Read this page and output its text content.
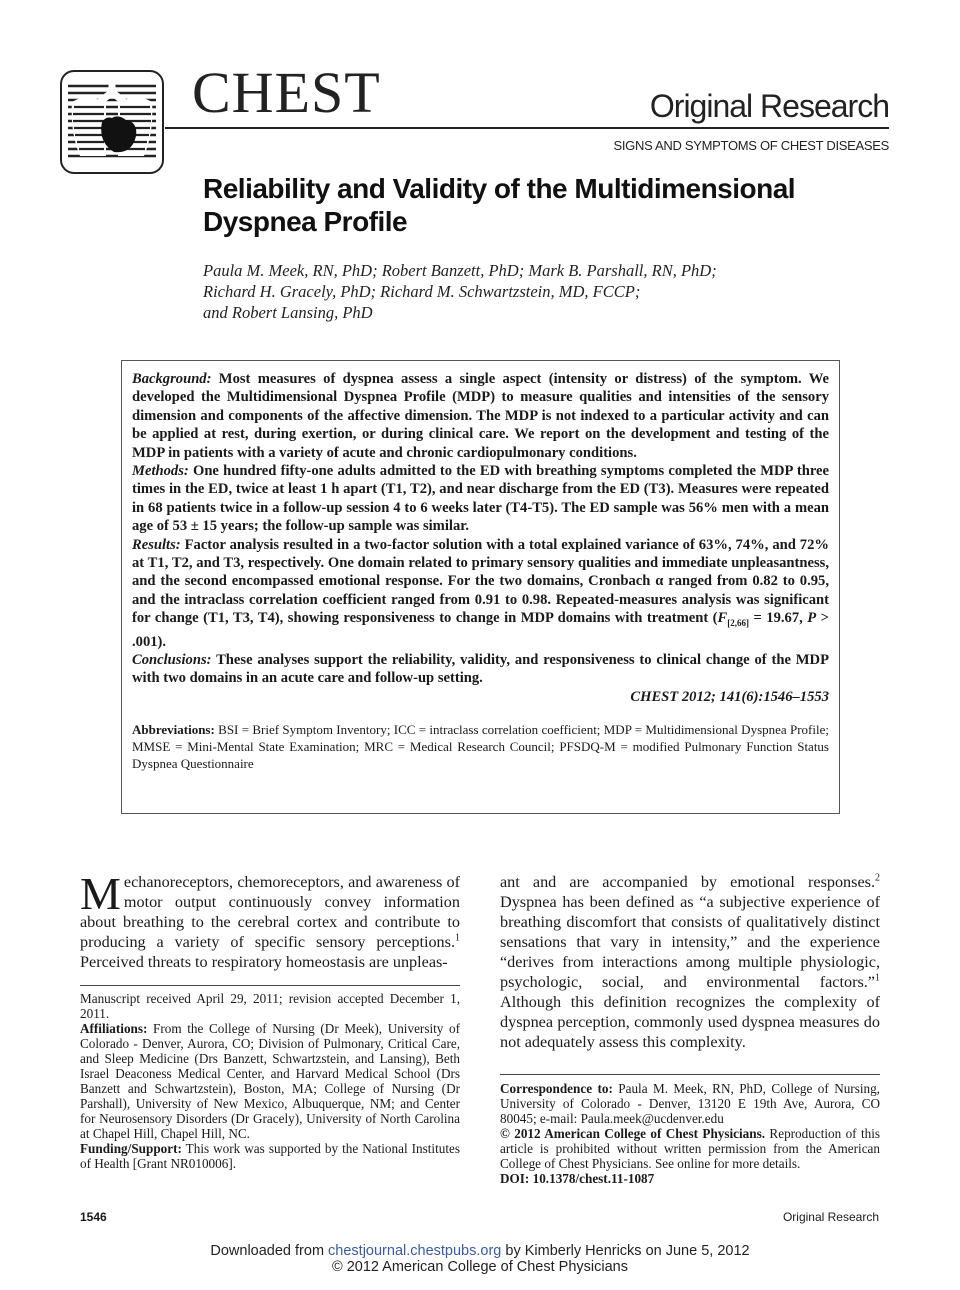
CHEST	Original Research
SIGNS AND SYMPTOMS OF CHEST DISEASES
Reliability and Validity of the Multidimensional Dyspnea Profile
Paula M. Meek, RN, PhD; Robert Banzett, PhD; Mark B. Parshall, RN, PhD;
Richard H. Gracely, PhD; Richard M. Schwartzstein, MD, FCCP;
and Robert Lansing, PhD

Background: Most measures of dyspnea assess a single aspect (intensity or distress) of the symptom. We developed the Multidimensional Dyspnea Profile (MDP) to measure qualities and intensities of the sensory dimension and components of the affective dimension. The MDP is not indexed to a particular activity and can be applied at rest, during exertion, or during clinical care. We report on the development and testing of the MDP in patients with a variety of acute and chronic cardiopulmonary conditions.

Methods: One hundred fifty-one adults admitted to the ED with breathing symptoms completed the MDP three times in the ED, twice at least 1 h apart (T1, T2), and near discharge from the ED (T3). Measures were repeated in 68 patients twice in a follow-up session 4 to 6 weeks later (T4-T5). The ED sample was 56% men with a mean age of 53 ± 15 years; the follow-up sample was similar.

Results: Factor analysis resulted in a two-factor solution with a total explained variance of 63%, 74%, and 72% at T1, T2, and T3, respectively. One domain related to primary sensory qualities and immediate unpleasantness, and the second encompassed emotional response. For the two domains, Cronbach α ranged from 0.82 to 0.95, and the intraclass correlation coefficient ranged from 0.91 to 0.98. Repeated-measures analysis was significant for change (T1, T3, T4), showing responsiveness to change in MDP domains with treatment ($F_{[2,66]} = 19.67$, P > .001).

Conclusions: These analyses support the reliability, validity, and responsiveness to clinical change of the MDP with two domains in an acute care and follow-up setting.

CHEST 2012; 141(6):1546–1553

Abbreviations: BSI = Brief Symptom Inventory; ICC = intraclass correlation coefficient; MDP = Multidimensional Dyspnea Profile; MMSE = Mini-Mental State Examination; MRC = Medical Research Council; PFSDQ-M = modified Pulmonary Function Status Dyspnea Questionnaire

Mechanoreceptors, chemoreceptors, and awareness of motor output continuously convey information about breathing to the cerebral cortex and contribute to producing a variety of specific sensory perceptions.$^1$ Perceived threats to respiratory homeostasis are unpleas-
ant and are accompanied by emotional responses.$^2$ Dyspnea has been defined as “a subjective experience of breathing discomfort that consists of qualitatively distinct sensations that vary in intensity,” and the experience “derives from interactions among multiple physiologic, psychologic, social, and environmental factors.”$^1$ Although this definition recognizes the complexity of dyspnea perception, commonly used dyspnea measures do not adequately assess this complexity.

Manuscript received April 29, 2011; revision accepted December 1, 2011.

Affiliations: From the College of Nursing (Dr Meek), University of Colorado - Denver, Aurora, CO; Division of Pulmonary, Critical Care, and Sleep Medicine (Drs Banzett, Schwartzstein, and Lansing), Beth Israel Deaconess Medical Center, and Harvard Medical School (Drs Banzett and Schwartzstein), Boston, MA; College of Nursing (Dr Parshall), University of New Mexico, Albuquerque, NM; and Center for Neurosensory Disorders (Dr Gracely), University of North Carolina at Chapel Hill, Chapel Hill, NC.

Funding/Support: This work was supported by the National Institutes of Health [Grant NR010006].

Correspondence to: Paula M. Meek, RN, PhD, College of Nursing, University of Colorado - Denver, 13120 E 19th Ave, Aurora, CO 80045; e-mail: Paula.meek@ucdenver.edu

© 2012 American College of Chest Physicians. Reproduction of this article is prohibited without written permission from the American College of Chest Physicians. See online for more details.

DOI: 10.1378/chest.11-1087

1546	Original Research
Downloaded from chestjournal.chestpubs.org by Kimberly Henricks on June 5, 2012
© 2012 American College of Chest Physicians
